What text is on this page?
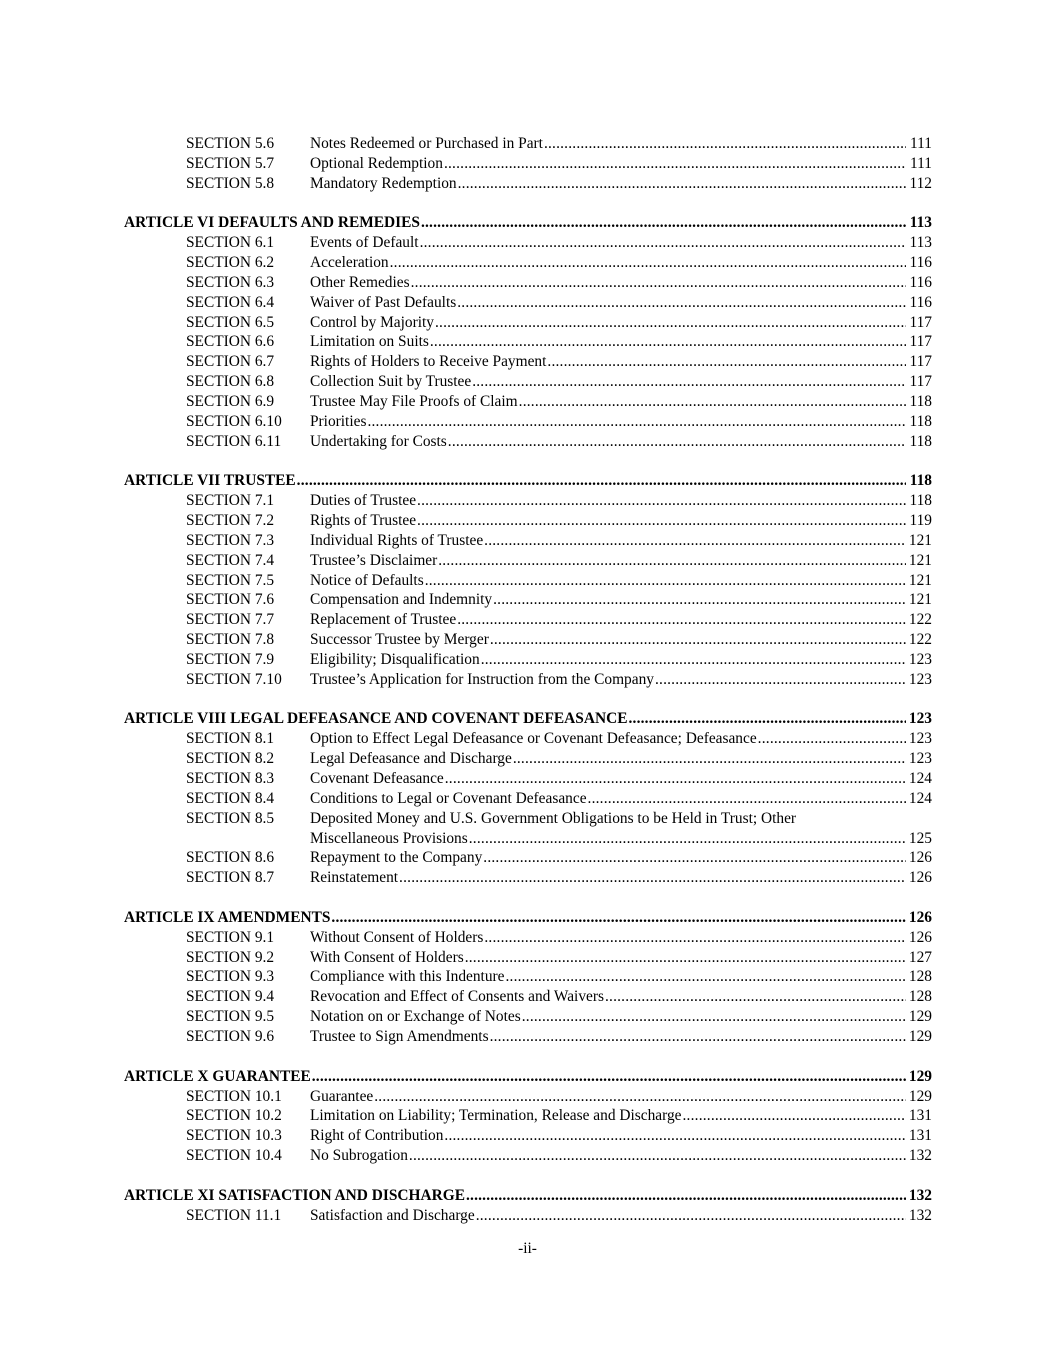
SECTION 5.6 Notes Redeemed or Purchased in Part .....	111
SECTION 5.7 Optional Redemption .....	111
SECTION 5.8 Mandatory Redemption .....	112
ARTICLE VI DEFAULTS AND REMEDIES .....	113
SECTION 6.1 Events of Default .....	113
SECTION 6.2 Acceleration .....	116
SECTION 6.3 Other Remedies .....	116
SECTION 6.4 Waiver of Past Defaults .....	116
SECTION 6.5 Control by Majority .....	117
SECTION 6.6 Limitation on Suits .....	117
SECTION 6.7 Rights of Holders to Receive Payment .....	117
SECTION 6.8 Collection Suit by Trustee .....	117
SECTION 6.9 Trustee May File Proofs of Claim .....	118
SECTION 6.10 Priorities .....	118
SECTION 6.11 Undertaking for Costs .....	118
ARTICLE VII TRUSTEE .....	118
SECTION 7.1 Duties of Trustee .....	118
SECTION 7.2 Rights of Trustee .....	119
SECTION 7.3 Individual Rights of Trustee .....	121
SECTION 7.4 Trustee’s Disclaimer .....	121
SECTION 7.5 Notice of Defaults .....	121
SECTION 7.6 Compensation and Indemnity .....	121
SECTION 7.7 Replacement of Trustee .....	122
SECTION 7.8 Successor Trustee by Merger .....	122
SECTION 7.9 Eligibility; Disqualification .....	123
SECTION 7.10 Trustee’s Application for Instruction from the Company .....	123
ARTICLE VIII LEGAL DEFEASANCE AND COVENANT DEFEASANCE .....	123
SECTION 8.1 Option to Effect Legal Defeasance or Covenant Defeasance; Defeasance .....	123
SECTION 8.2 Legal Defeasance and Discharge .....	123
SECTION 8.3 Covenant Defeasance .....	124
SECTION 8.4 Conditions to Legal or Covenant Defeasance .....	124
SECTION 8.5 Deposited Money and U.S. Government Obligations to be Held in Trust; Other
Miscellaneous Provisions .....	125
SECTION 8.6 Repayment to the Company .....	126
SECTION 8.7 Reinstatement .....	126
ARTICLE IX AMENDMENTS .....	126
SECTION 9.1 Without Consent of Holders .....	126
SECTION 9.2 With Consent of Holders .....	127
SECTION 9.3 Compliance with this Indenture .....	128
SECTION 9.4 Revocation and Effect of Consents and Waivers .....	128
SECTION 9.5 Notation on or Exchange of Notes .....	129
SECTION 9.6 Trustee to Sign Amendments .....	129
ARTICLE X GUARANTEE .....	129
SECTION 10.1 Guarantee .....	129
SECTION 10.2 Limitation on Liability; Termination, Release and Discharge .....	131
SECTION 10.3 Right of Contribution .....	131
SECTION 10.4 No Subrogation .....	132
ARTICLE XI SATISFACTION AND DISCHARGE .....	132
SECTION 11.1 Satisfaction and Discharge .....	132
-ii-
